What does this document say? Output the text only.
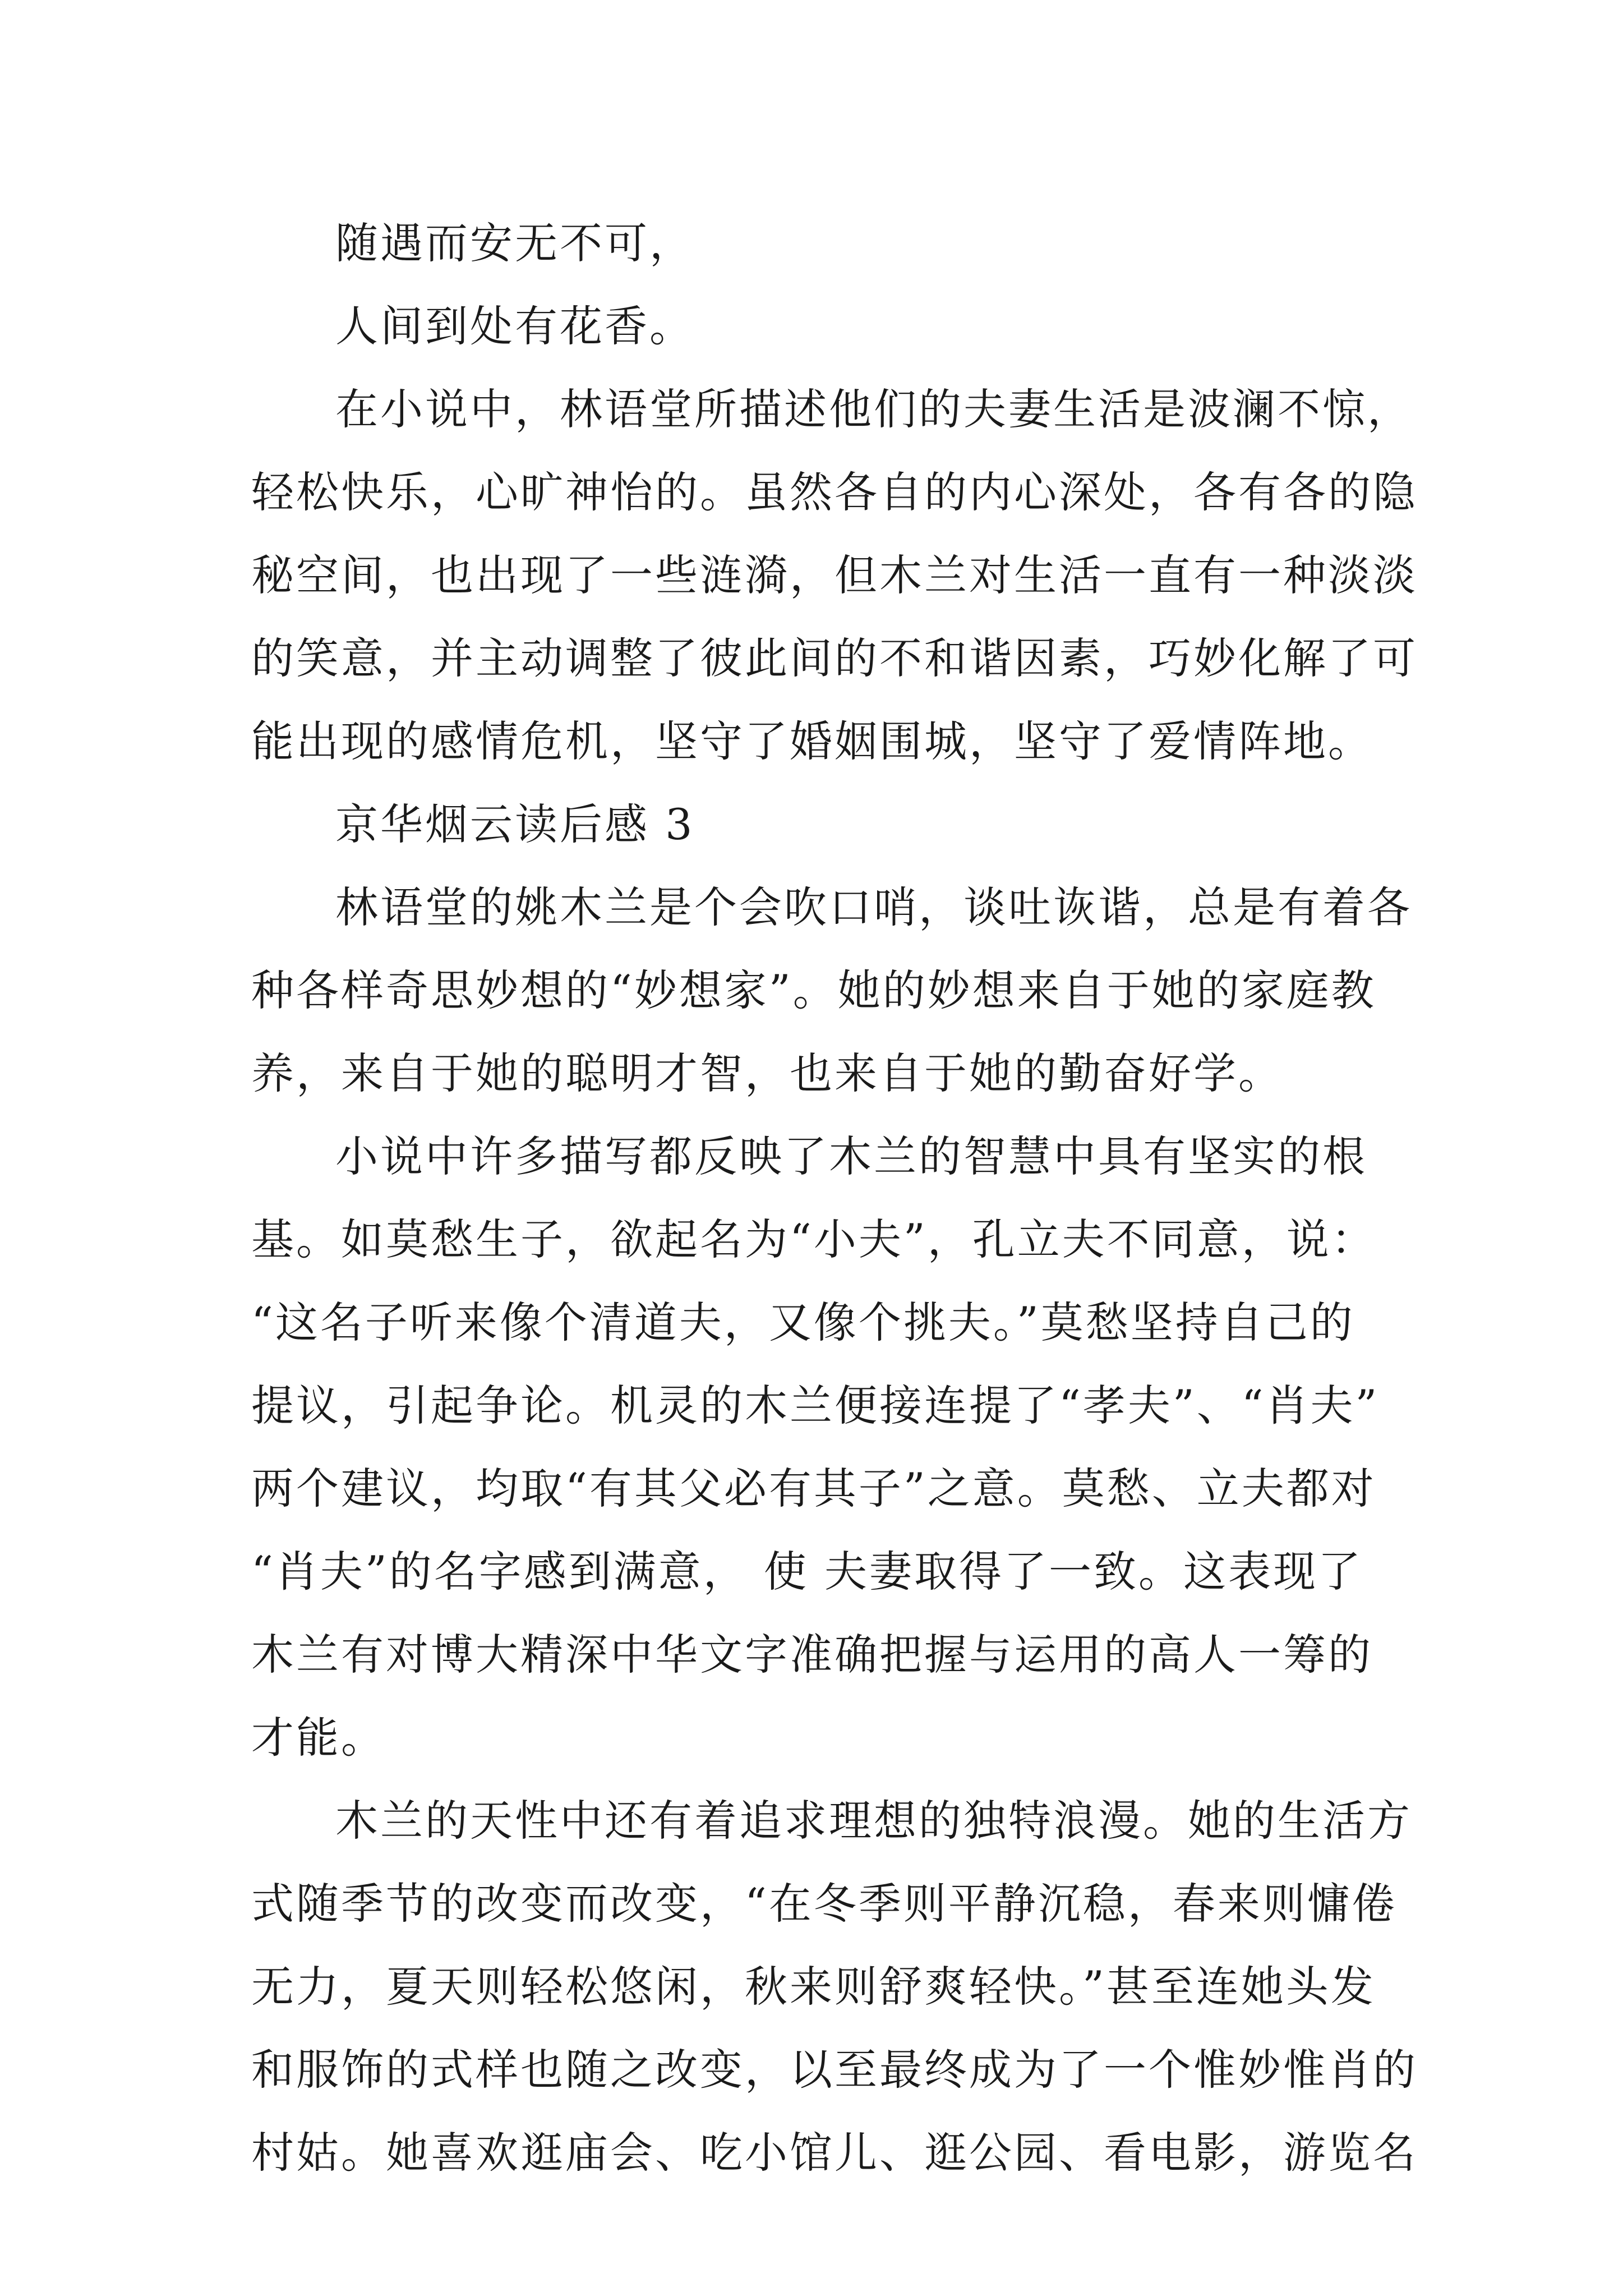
随遇而安无不可，
人间到处有花香。
在小说中，林语堂所描述他们的夫妻生活是波澜不惊，
轻松快乐，心旷神怡的。虽然各自的内心深处，各有各的隐
秘空间，也出现了一些涟漪，但木兰对生活一直有一种淡淡
的笑意，并主动调整了彼此间的不和谐因素，巧妙化解了可
能出现的感情危机，坚守了婚姻围城，坚守了爱情阵地。
京华烟云读后感 3
林语堂的姚木兰是个会吹口哨，谈吐诙谐，总是有着各
种各样奇思妙想的“妙想家”。她的妙想来自于她的家庭教
养，来自于她的聪明才智，也来自于她的勤奋好学。
小说中许多描写都反映了木兰的智慧中具有坚实的根
基。如莫愁生子，欲起名为“小夫”，孔立夫不同意，说：
“这名子听来像个清道夫，又像个挑夫。”莫愁坚持自己的
提议，引起争论。机灵的木兰便接连提了“孝夫”、“肖夫”
两个建议，均取“有其父必有其子”之意。莫愁、立夫都对
“肖夫”的名字感到满意， 使 夫妻取得了一致。这表现了
木兰有对博大精深中华文字准确把握与运用的高人一筹的
才能。
木兰的天性中还有着追求理想的独特浪漫。她的生活方
式随季节的改变而改变，“在冬季则平静沉稳，春来则慵倦
无力，夏天则轻松悠闲，秋来则舒爽轻快。”甚至连她头发
和服饰的式样也随之改变，以至最终成为了一个惟妙惟肖的
村姑。她喜欢逛庙会、吃小馆儿、逛公园、看电影，游览名
